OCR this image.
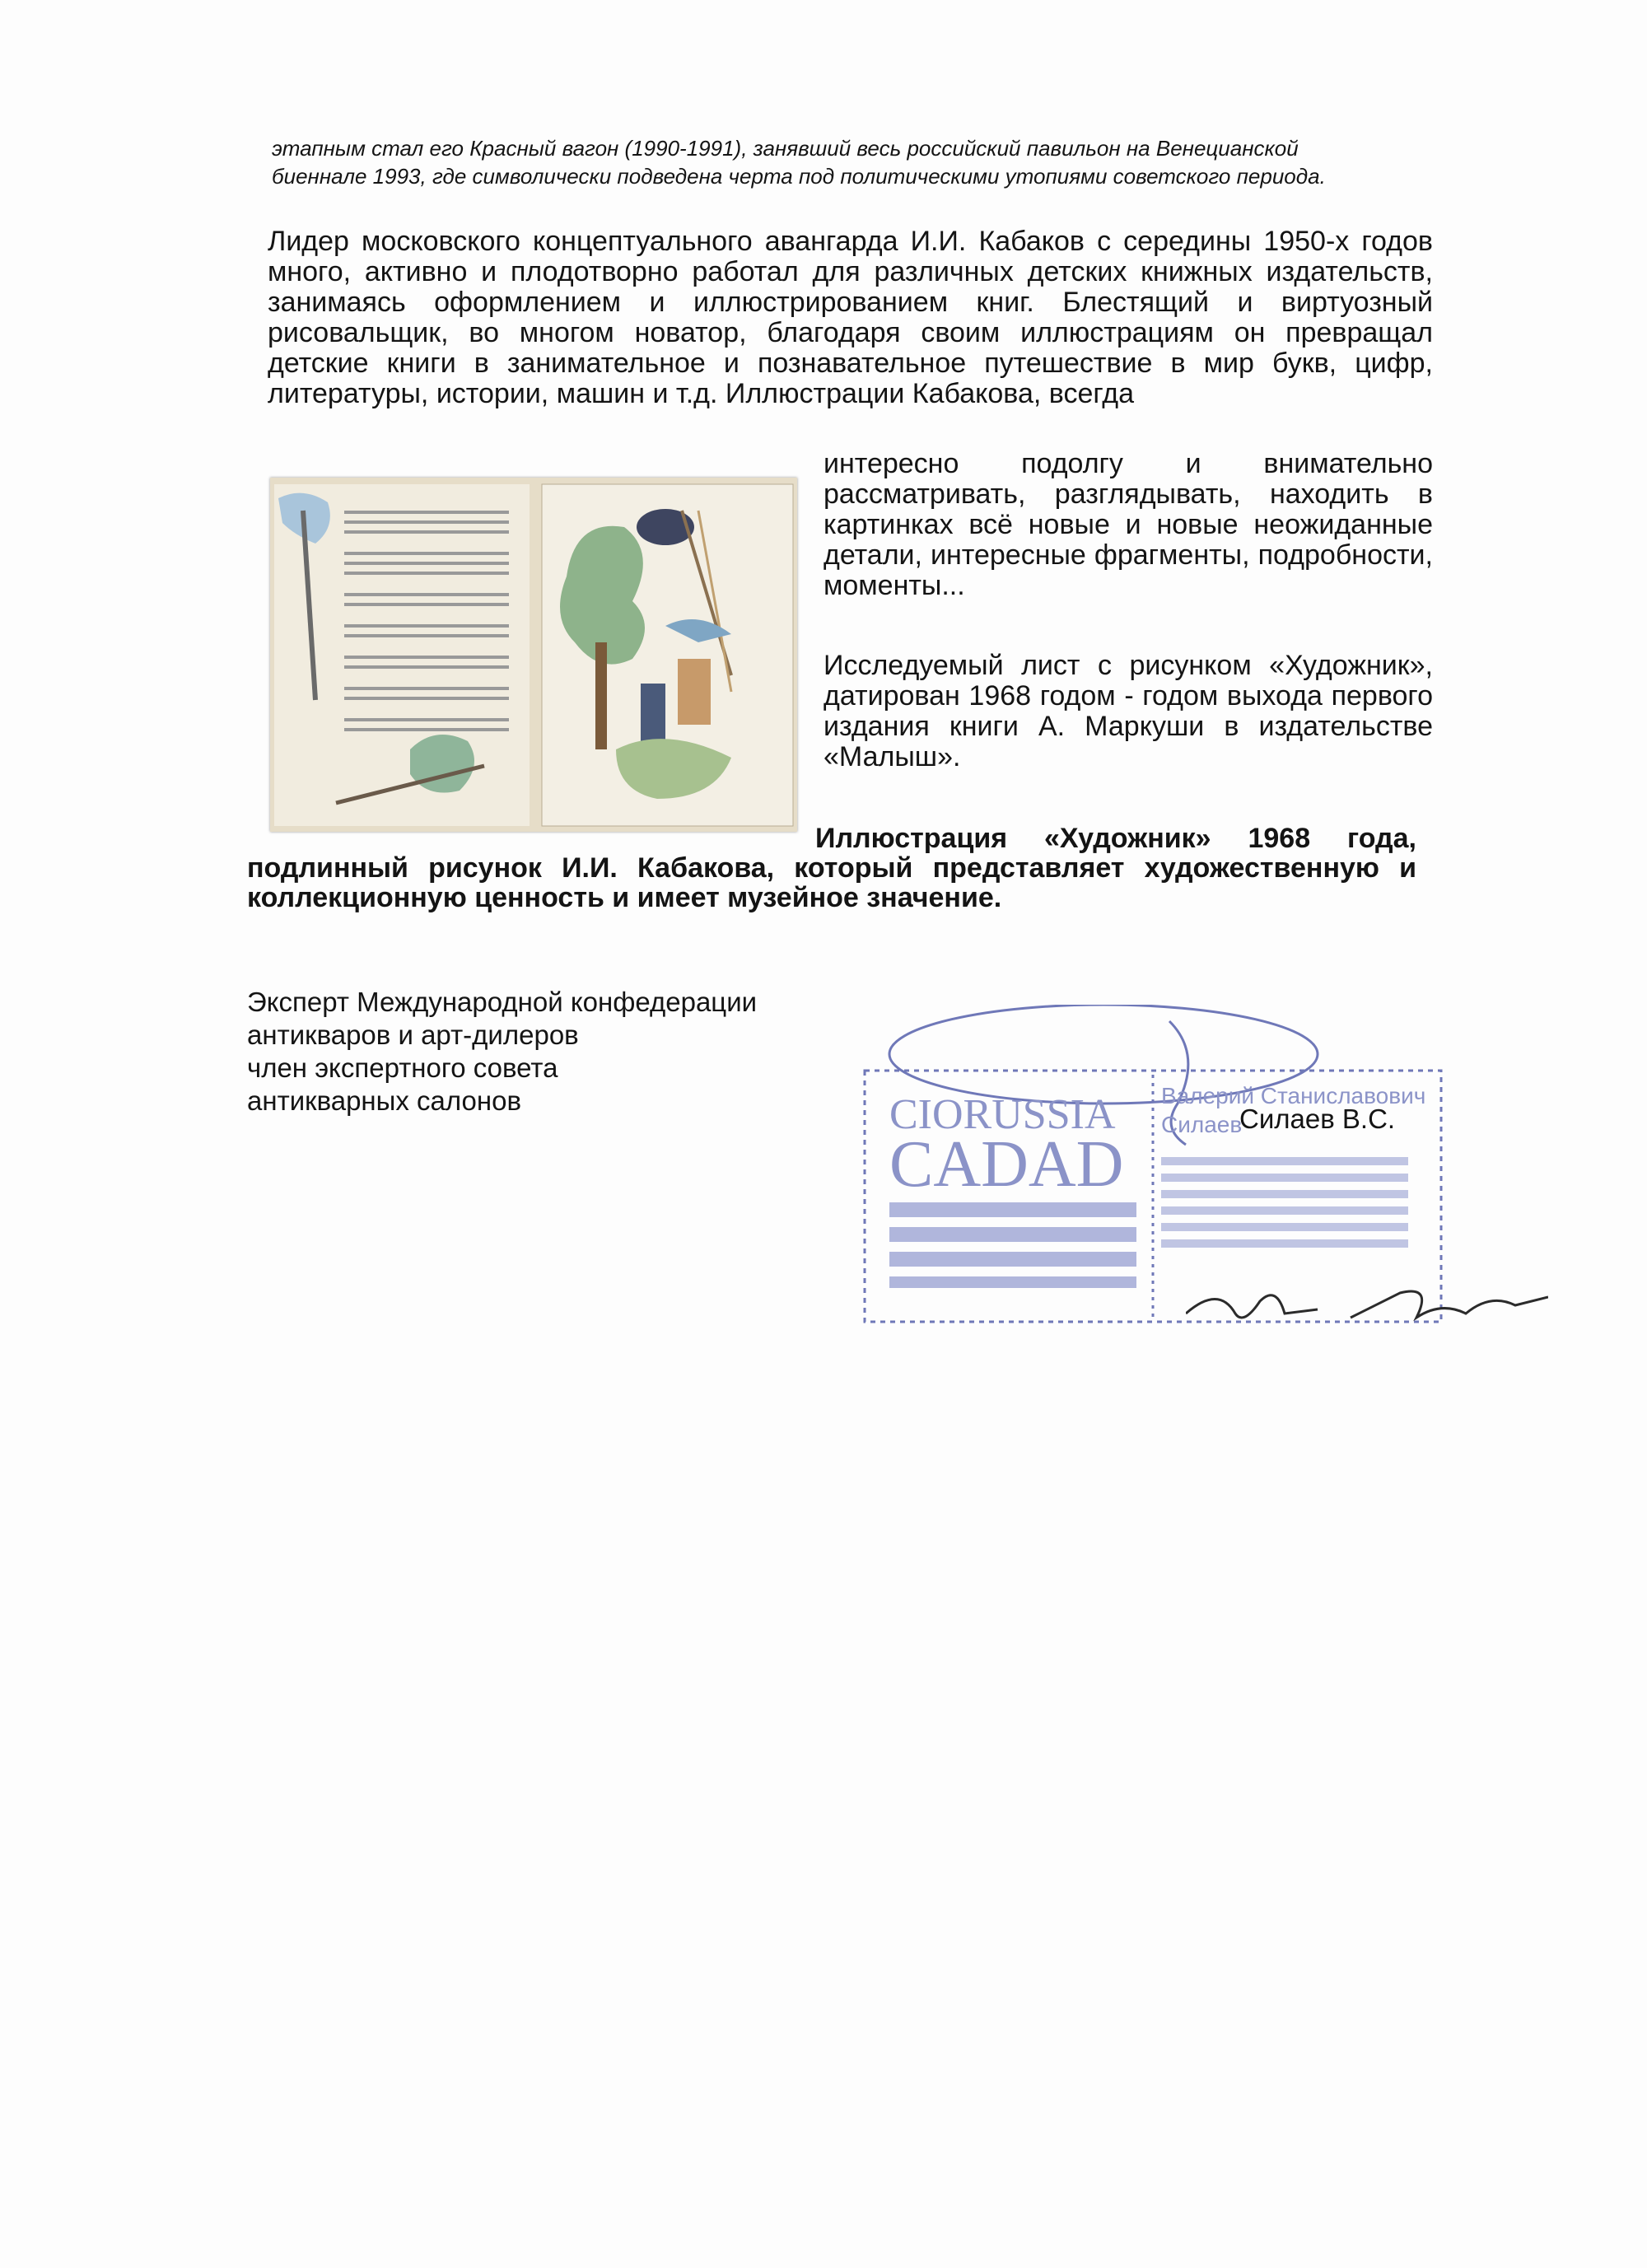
этапным стал его Красный вагон (1990-1991), занявший весь российский павильон на Венецианской

биеннале 1993, где символически подведена черта под политическими утопиями советского периода.

Лидер московского концептуального авангарда И.И. Кабаков с середины 1950-х годов много, активно и плодотворно работал для различных детских книжных издательств, занимаясь оформлением и иллюстрированием книг. Блестящий и виртуозный рисовальщик, во многом новатор, благодаря своим иллюстрациям он превращал детские книги в занимательное и познавательное путешествие в мир букв, цифр, литературы, истории, машин и т.д. Иллюстрации Кабакова, всегда
интересно подолгу и внимательно рассматривать, разглядывать, находить в картинках всё новые и новые неожиданные детали, интересные фрагменты, подробности, моменты...
Исследуемый лист с рисунком «Художник», датирован 1968 годом - годом выхода первого издания книги А. Маркуши в издательстве «Малыш».
Иллюстрация «Художник» 1968 года, подлинный рисунок И.И. Кабакова, который представляет художественную и коллекционную ценность и имеет музейное значение.
Эксперт Международной конфедерации
антикваров и арт-дилеров
член экспертного совета
антикварных салонов	CIORUSSIA
CADAD
Валерий Станиславович
Силаев
Силаев В.С.
